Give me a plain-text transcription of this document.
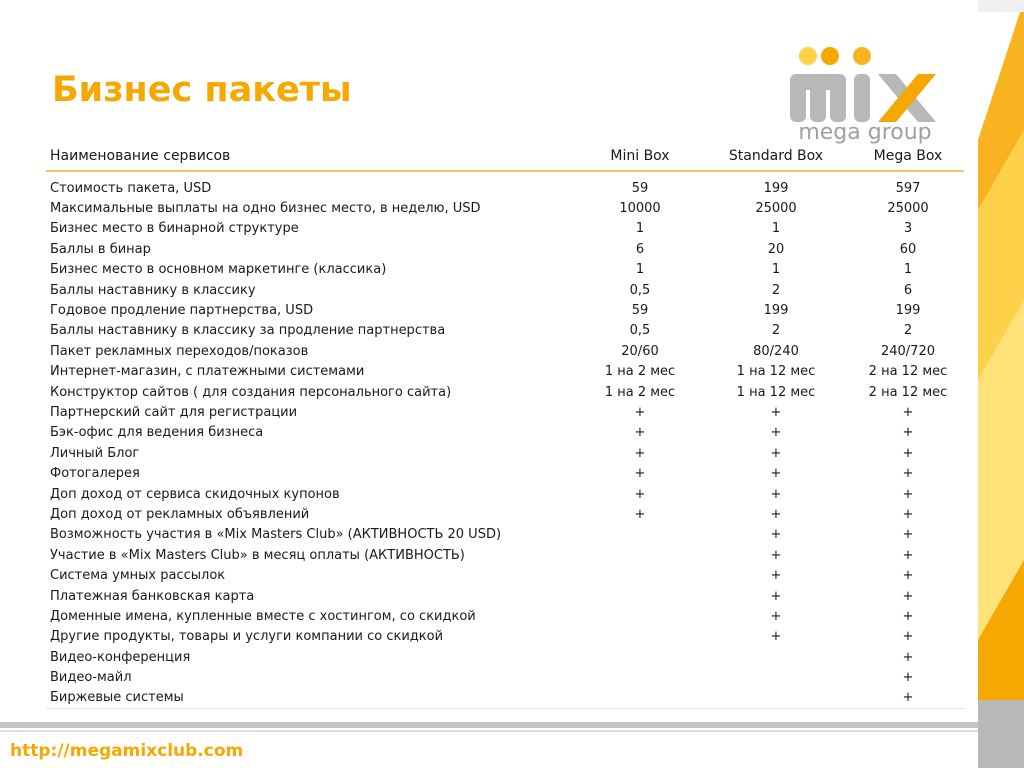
Бизнес пакеты
mega group
Наименование сервисов	Mini Box	Standard Box	Mega Box

Стоимость пакета, USD	59	199	597
Максимальные выплаты на одно бизнес место, в неделю, USD	10000	25000	25000
Бизнес место в бинарной структуре	1	1	3
Баллы в бинар	6	20	60
Бизнес место в основном маркетинге (классика)	1	1	1
Баллы наставнику в классику	0,5	2	6
Годовое продление партнерства, USD	59	199	199
Баллы наставнику в классику за продление партнерства	0,5	2	2
Пакет рекламных переходов/показов	20/60	80/240	240/720
Интернет-магазин, с платежными системами	1 на 2 мес	1 на 12 мес	2 на 12 мес
Конструктор сайтов ( для создания персонального сайта)	1 на 2 мес	1 на 12 мес	2 на 12 мес
Партнерский сайт для регистрации	+	+	+
Бэк-офис для ведения бизнеса	+	+	+
Личный Блог	+	+	+
Фотогалерея	+	+	+
Доп доход от сервиса скидочных купонов	+	+	+
Доп доход от рекламных объявлений	+	+	+
Возможность участия в «Mix Masters Club» (АКТИВНОСТЬ 20 USD)		+	+
Участие в «Mix Masters Club» в месяц оплаты (АКТИВНОСТЬ)		+	+
Система умных рассылок		+	+
Платежная банковская карта		+	+
Доменные имена, купленные вместе с хостингом, со скидкой		+	+
Другие продукты, товары и услуги компании со скидкой		+	+
Видео-конференция			+
Видео-майл			+
Биржевые системы			+
http://megamixclub.com
